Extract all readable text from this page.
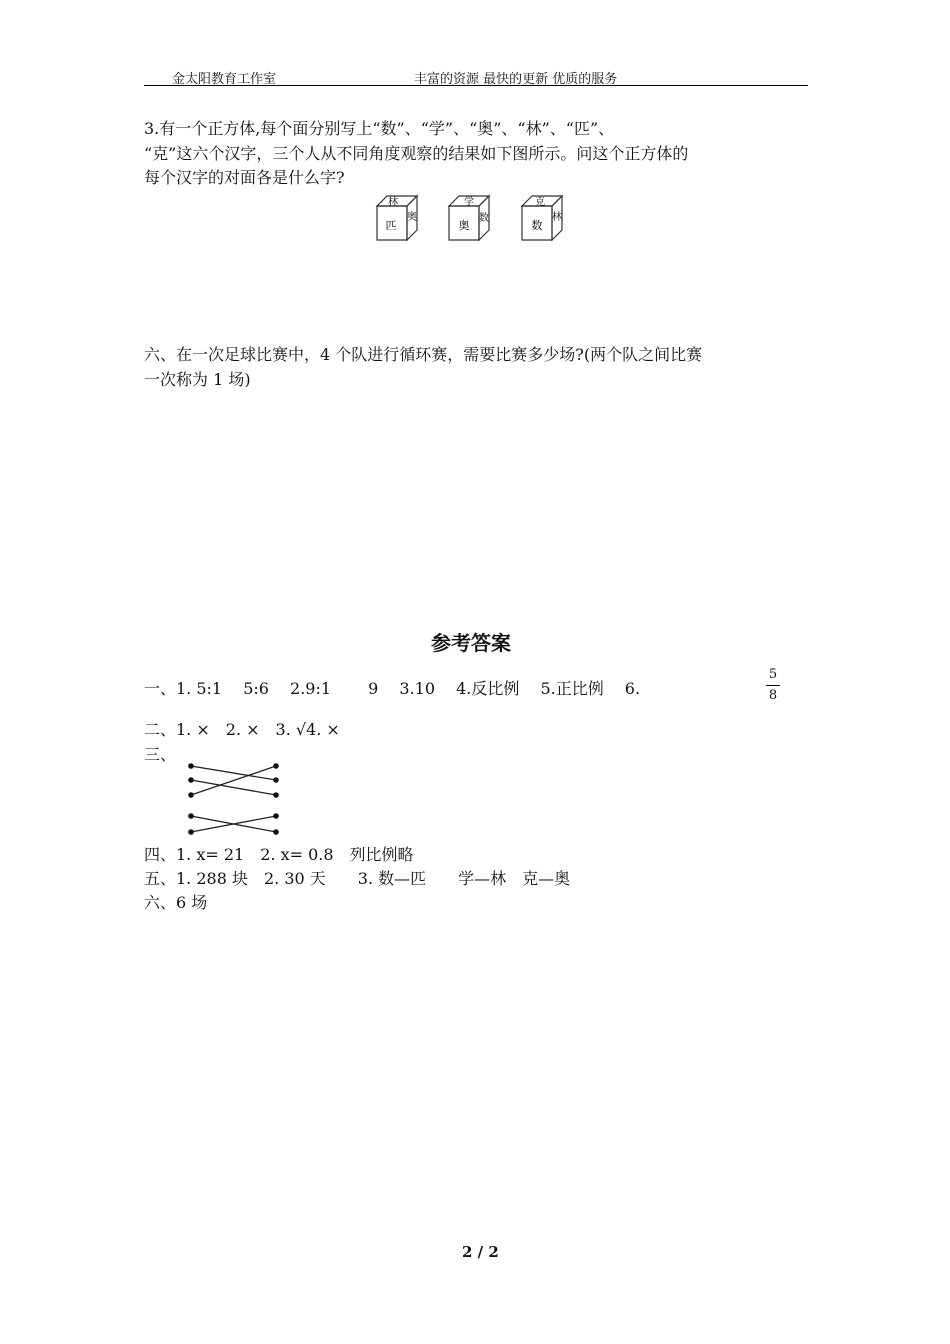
金太阳教育工作室	丰富的资源 最快的更新 优质的服务
3.有一个正方体,每个面分别写上“数”、“学”、“奥”、“林”、“匹”、
“克”这六个汉字，三个人从不同角度观察的结果如下图所示。问这个正方体的
每个汉字的对面各是什么字?
林
匹
奥
学
奥
数
克
数
林
六、在一次足球比赛中，4 个队进行循环赛，需要比赛多少场?(两个队之间比赛
一次称为 1 场)
参考答案
一、1. 5:1　 5:6　 2.9:1　　 9　 3.10　 4.反比例　 5.正比例　 6.
5
8
二、1. ×　2. ×　3. √4. ×
三、
四、1. x= 21　2. x= 0.8　列比例略
五、1. 288 块　2. 30 天　　3. 数—匹　　学—林　克—奥
六、6 场
2 / 2
